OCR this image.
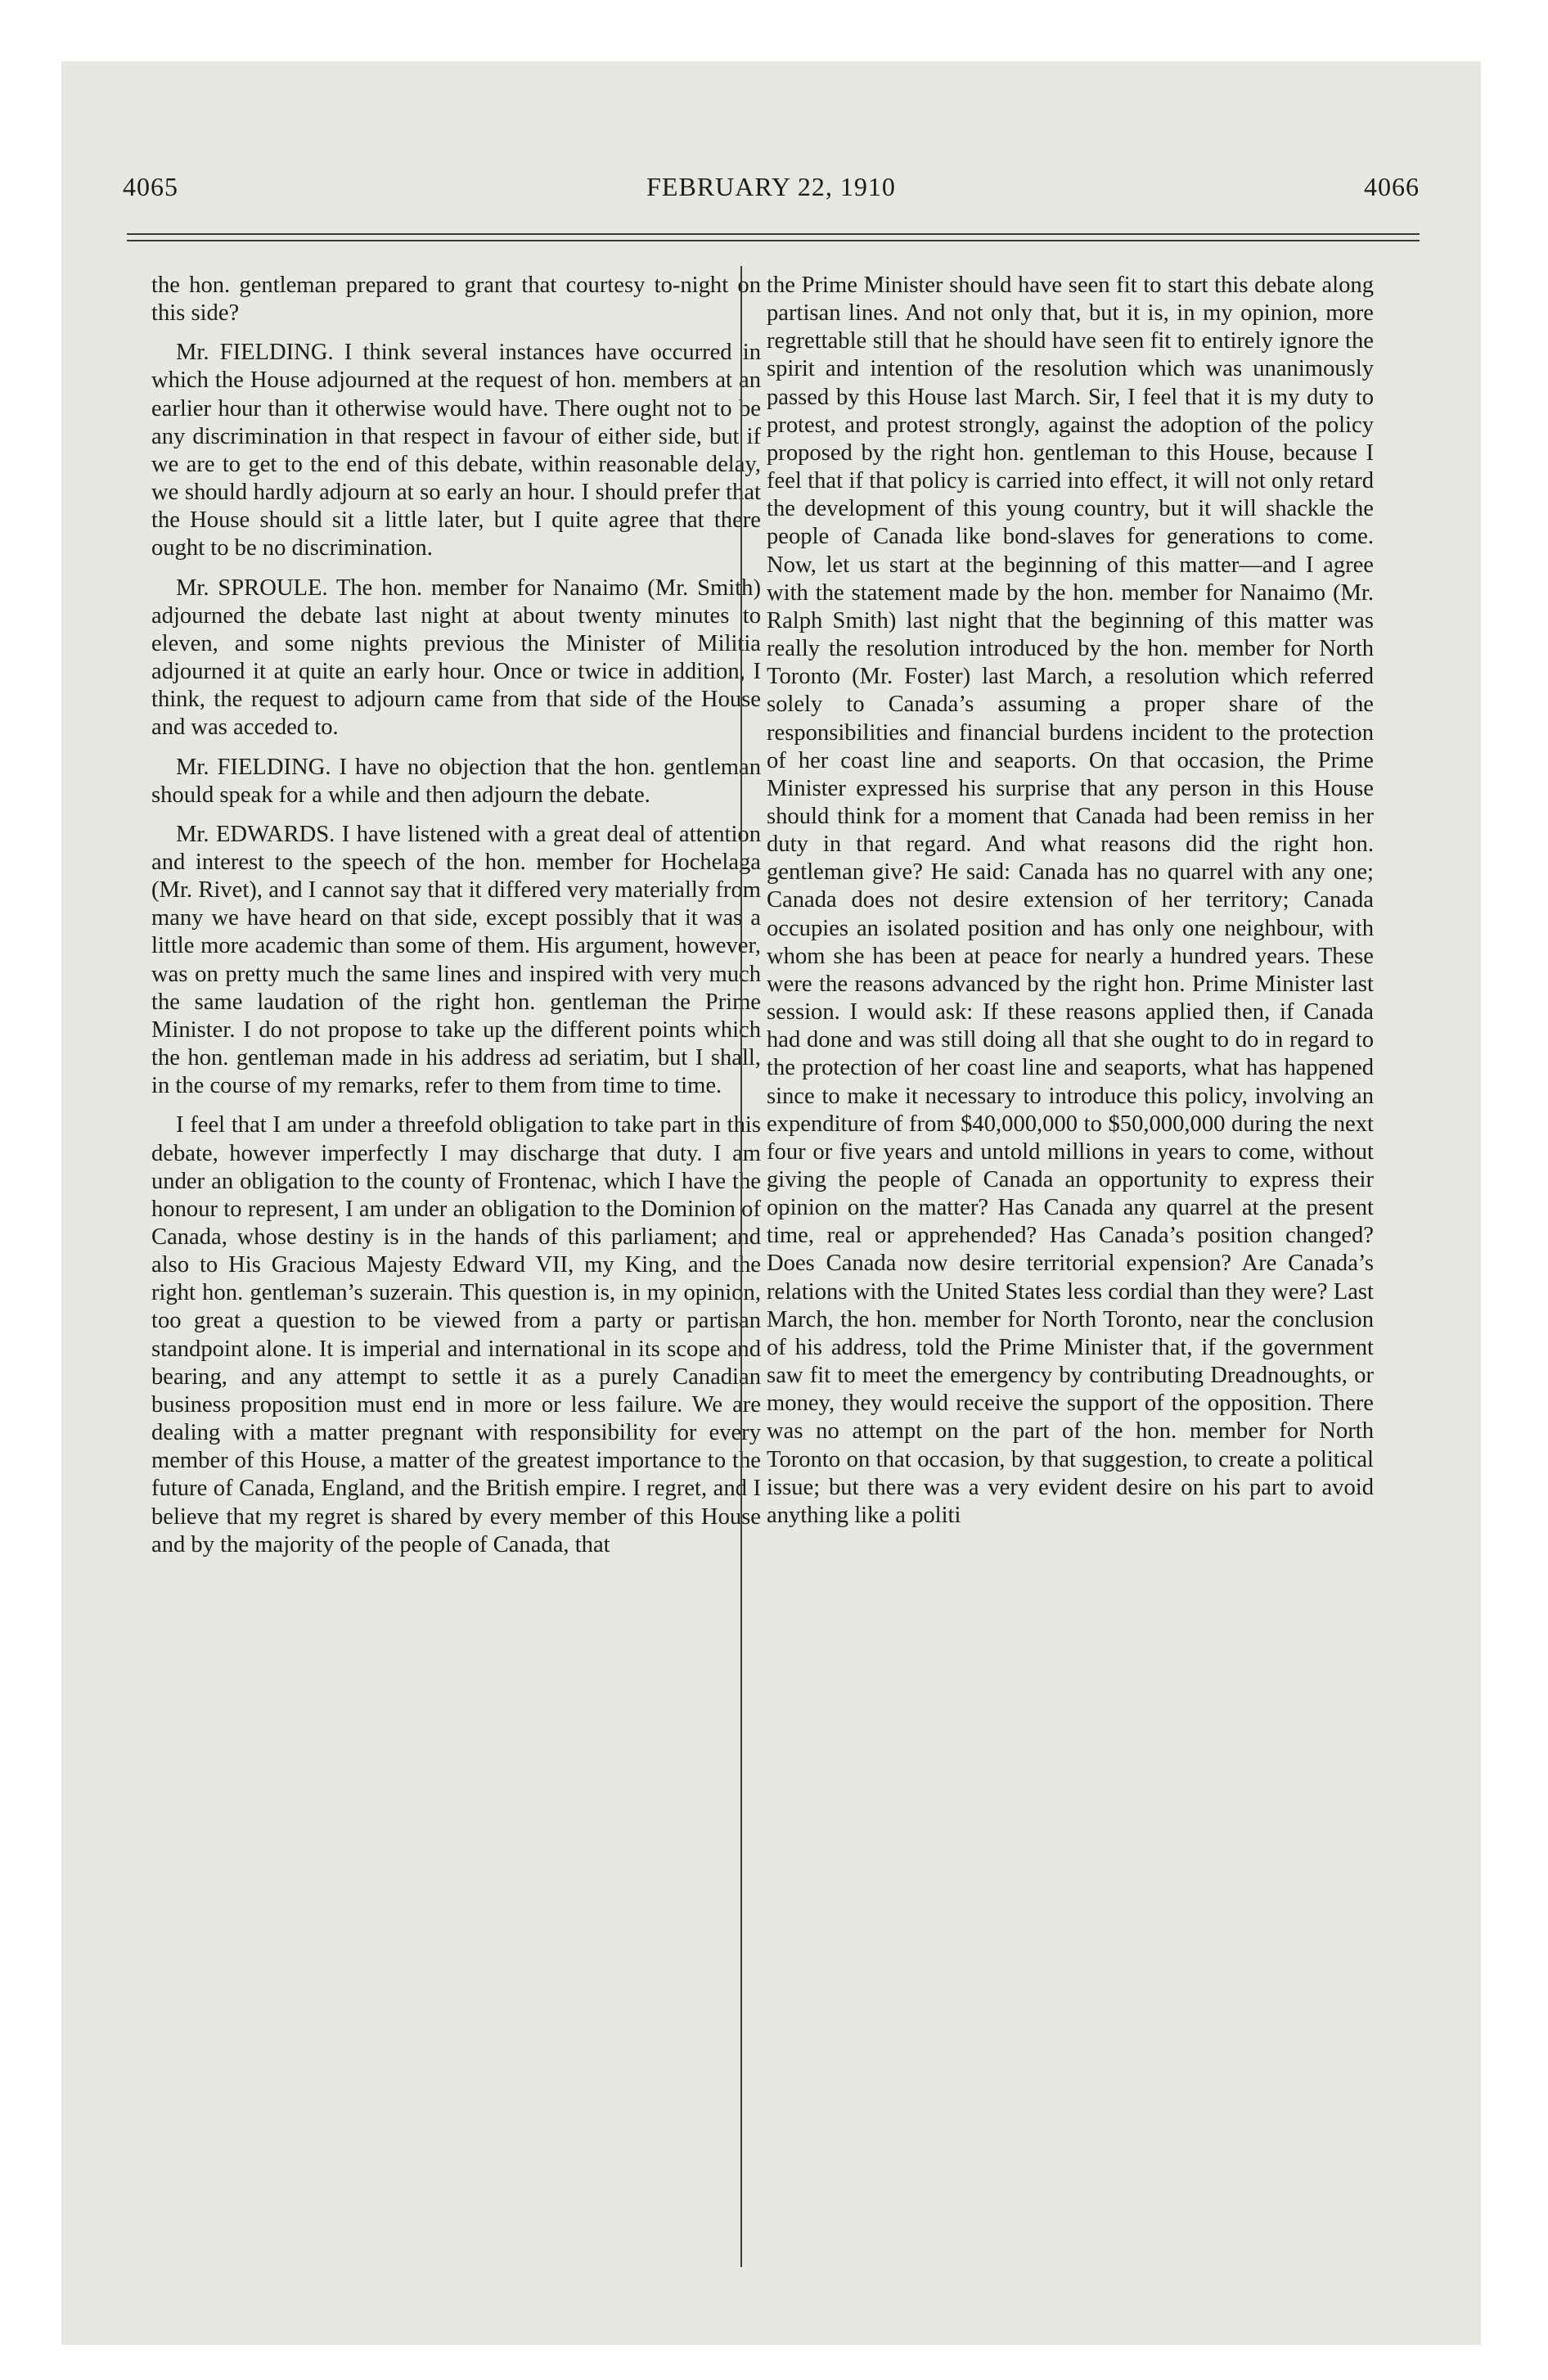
4065	FEBRUARY 22, 1910	4066

the hon. gentleman prepared to grant that courtesy to-night on this side?

Mr. FIELDING. I think several instances have occurred in which the House adjourned at the request of hon. members at an earlier hour than it otherwise would have. There ought not to be any discrimination in that respect in favour of either side, but if we are to get to the end of this debate, within reasonable delay, we should hardly adjourn at so early an hour. I should prefer that the House should sit a little later, but I quite agree that there ought to be no discrimination.

Mr. SPROULE. The hon. member for Nanaimo (Mr. Smith) adjourned the debate last night at about twenty minutes to eleven, and some nights previous the Minister of Militia adjourned it at quite an early hour. Once or twice in addition, I think, the request to adjourn came from that side of the House and was acceded to.

Mr. FIELDING. I have no objection that the hon. gentleman should speak for a while and then adjourn the debate.

Mr. EDWARDS. I have listened with a great deal of attention and interest to the speech of the hon. member for Hochelaga (Mr. Rivet), and I cannot say that it differed very materially from many we have heard on that side, except possibly that it was a little more academic than some of them. His argument, however, was on pretty much the same lines and inspired with very much the same laudation of the right hon. gentleman the Prime Minister. I do not propose to take up the different points which the hon. gentleman made in his address ad seriatim, but I shall, in the course of my remarks, refer to them from time to time.

I feel that I am under a threefold obligation to take part in this debate, however imperfectly I may discharge that duty. I am under an obligation to the county of Frontenac, which I have the honour to represent, I am under an obligation to the Dominion of Canada, whose destiny is in the hands of this parliament; and also to His Gracious Majesty Edward VII, my King, and the right hon. gentleman’s suzerain. This question is, in my opinion, too great a question to be viewed from a party or partisan standpoint alone. It is imperial and international in its scope and bearing, and any attempt to settle it as a purely Canadian business proposition must end in more or less failure. We are dealing with a matter pregnant with responsibility for every member of this House, a matter of the greatest importance to the future of Canada, England, and the British empire. I regret, and I believe that my regret is shared by every member of this House and by the majority of the people of Canada, that

the Prime Minister should have seen fit to start this debate along partisan lines. And not only that, but it is, in my opinion, more regrettable still that he should have seen fit to entirely ignore the spirit and intention of the resolution which was unanimously passed by this House last March. Sir, I feel that it is my duty to protest, and protest strongly, against the adoption of the policy proposed by the right hon. gentleman to this House, because I feel that if that policy is carried into effect, it will not only retard the development of this young country, but it will shackle the people of Canada like bond-slaves for generations to come. Now, let us start at the beginning of this matter—and I agree with the statement made by the hon. member for Nanaimo (Mr. Ralph Smith) last night that the beginning of this matter was really the resolution introduced by the hon. member for North Toronto (Mr. Foster) last March, a resolution which referred solely to Canada’s assuming a proper share of the responsibilities and financial burdens incident to the protection of her coast line and seaports. On that occasion, the Prime Minister expressed his surprise that any person in this House should think for a moment that Canada had been remiss in her duty in that regard. And what reasons did the right hon. gentleman give? He said: Canada has no quarrel with any one; Canada does not desire extension of her territory; Canada occupies an isolated position and has only one neighbour, with whom she has been at peace for nearly a hundred years. These were the reasons advanced by the right hon. Prime Minister last session. I would ask: If these reasons applied then, if Canada had done and was still doing all that she ought to do in regard to the protection of her coast line and seaports, what has happened since to make it necessary to introduce this policy, involving an expenditure of from $40,000,000 to $50,000,000 during the next four or five years and untold millions in years to come, without giving the people of Canada an opportunity to express their opinion on the matter? Has Canada any quarrel at the present time, real or apprehended? Has Canada’s position changed? Does Canada now desire territorial expension? Are Canada’s relations with the United States less cordial than they were? Last March, the hon. member for North Toronto, near the conclusion of his address, told the Prime Minister that, if the government saw fit to meet the emergency by contributing Dreadnoughts, or money, they would receive the support of the opposition. There was no attempt on the part of the hon. member for North Toronto on that occasion, by that suggestion, to create a political issue; but there was a very evident desire on his part to avoid anything like a politi
